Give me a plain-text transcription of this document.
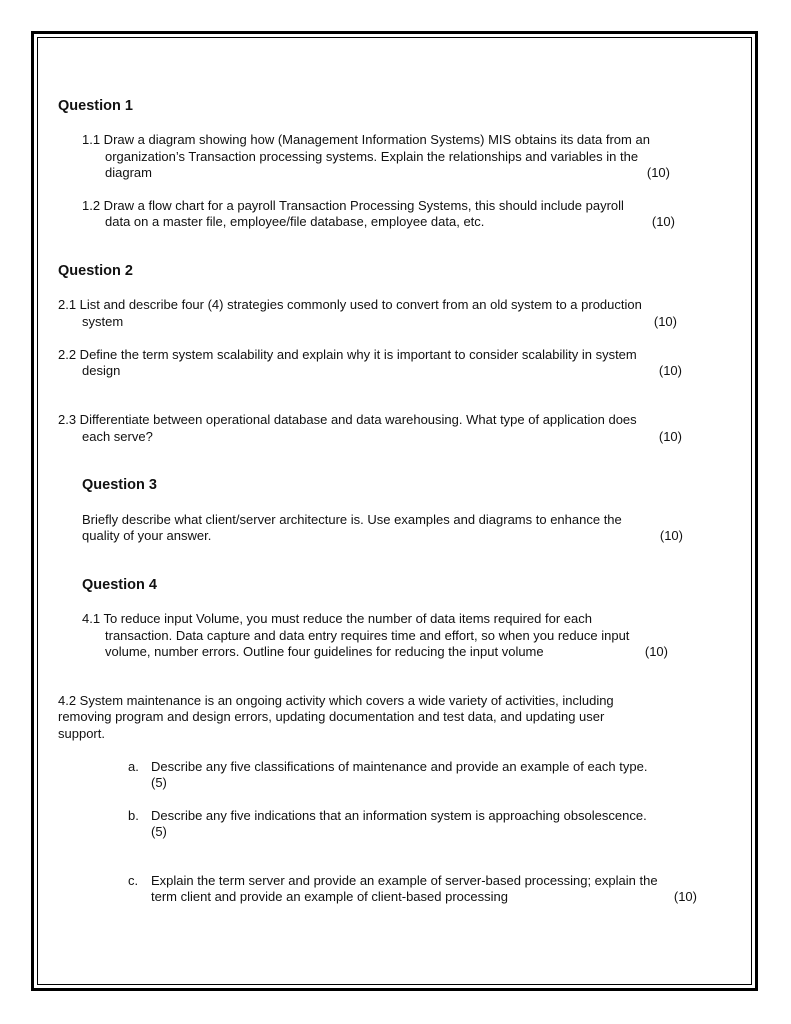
Question 1
1.1 Draw a diagram showing how (Management Information Systems) MIS obtains its data from an
organization’s Transaction processing systems. Explain the relationships and variables in the
diagram	(10)
1.2 Draw a flow chart for a payroll Transaction Processing Systems, this should include payroll
data on a master file, employee/file database, employee data, etc.	(10)
Question 2
2.1 List and describe four (4) strategies commonly used to convert from an old system to a production
system	(10)
2.2 Define the term system scalability and explain why it is important to consider scalability in system
design	(10)
2.3 Differentiate between operational database and data warehousing. What type of application does
each serve?	(10)
Question 3
Briefly describe what client/server architecture is. Use examples and diagrams to enhance the
quality of your answer.	(10)
Question 4
4.1 To reduce input Volume, you must reduce the number of data items required for each
transaction. Data capture and data entry requires time and effort, so when you reduce input
volume, number errors. Outline four guidelines for reducing the input volume	(10)
4.2 System maintenance is an ongoing activity which covers a wide variety of activities, including
removing program and design errors, updating documentation and test data, and updating user
support.
a. Describe any five classifications of maintenance and provide an example of each type.
(5)
b. Describe any five indications that an information system is approaching obsolescence.
(5)
c. Explain the term server and provide an example of server-based processing; explain the
term client and provide an example of client-based processing	(10)
